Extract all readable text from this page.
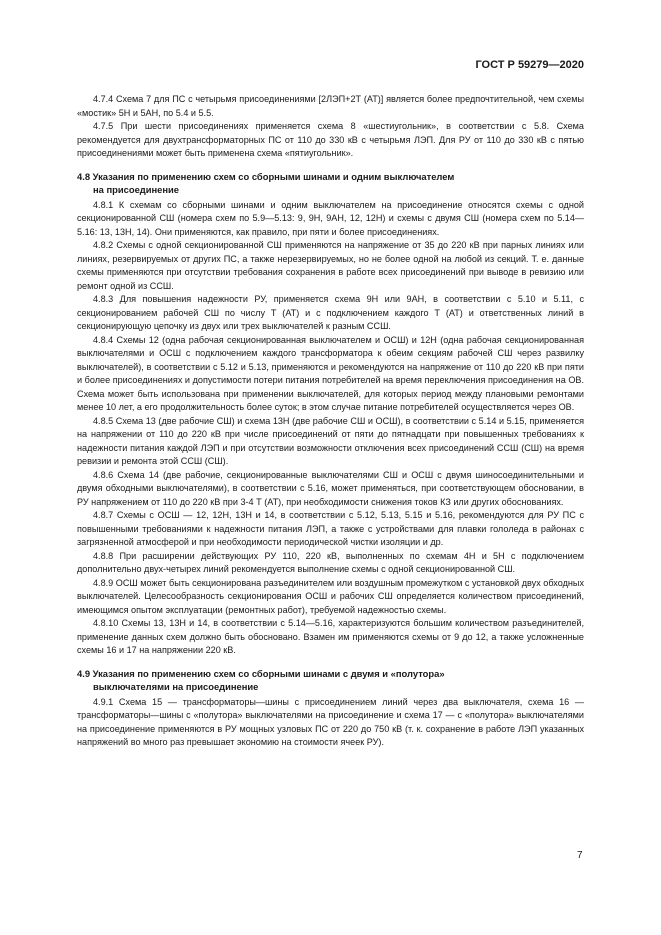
ГОСТ Р 59279—2020

4.7.4 Схема 7 для ПС с четырьмя присоединениями [2ЛЭП+2Т (АТ)] является более предпочтительной, чем схемы «мостик» 5Н и 5АН, по 5.4 и 5.5.

4.7.5 При шести присоединениях применяется схема 8 «шестиугольник», в соответствии с 5.8. Схема рекомендуется для двухтрансформаторных ПС от 110 до 330 кВ с четырьмя ЛЭП. Для РУ от 110 до 330 кВ с пятью присоединениями может быть применена схема «пятиугольник».

4.8 Указания по применению схем со сборными шинами и одним выключателем
на присоединение

4.8.1 К схемам со сборными шинами и одним выключателем на присоединение относятся схемы с одной секционированной СШ (номера схем по 5.9—5.13: 9, 9Н, 9АН, 12, 12Н) и схемы с двумя СШ (номера схем по 5.14—5.16: 13, 13Н, 14). Они применяются, как правило, при пяти и более присоединениях.

4.8.2 Схемы с одной секционированной СШ применяются на напряжение от 35 до 220 кВ при парных линиях или линиях, резервируемых от других ПС, а также нерезервируемых, но не более одной на любой из секций. Т. е. данные схемы применяются при отсутствии требования сохранения в работе всех присоединений при выводе в ревизию или ремонт одной из ССШ.

4.8.3 Для повышения надежности РУ, применяется схема 9Н или 9АН, в соответствии с 5.10 и 5.11, с секционированием рабочей СШ по числу Т (АТ) и с подключением каждого Т (АТ) и ответственных линий в секционирующую цепочку из двух или трех выключателей к разным ССШ.

4.8.4 Схемы 12 (одна рабочая секционированная выключателем и ОСШ) и 12Н (одна рабочая секционированная выключателями и ОСШ с подключением каждого трансформатора к обеим секциям рабочей СШ через развилку выключателей), в соответствии с 5.12 и 5.13, применяются и рекомендуются на напряжение от 110 до 220 кВ при пяти и более присоединениях и допустимости потери питания потребителей на время переключения присоединения на ОВ. Схема может быть использована при применении выключателей, для которых период между плановыми ремонтами менее 10 лет, а его продолжительность более суток; в этом случае питание потребителей осуществляется через ОВ.

4.8.5 Схема 13 (две рабочие СШ) и схема 13Н (две рабочие СШ и ОСШ), в соответствии с 5.14 и 5.15, применяется на напряжении от 110 до 220 кВ при числе присоединений от пяти до пятнадцати при повышенных требованиях к надежности питания каждой ЛЭП и при отсутствии возможности отключения всех присоединений ССШ (СШ) на время ревизии и ремонта этой ССШ (СШ).

4.8.6 Схема 14 (две рабочие, секционированные выключателями СШ и ОСШ с двумя шиносоединительными и двумя обходными выключателями), в соответствии с 5.16, может применяться, при соответствующем обосновании, в РУ напряжением от 110 до 220 кВ при 3-4 Т (АТ), при необходимости снижения токов КЗ или других обоснованиях.

4.8.7 Схемы с ОСШ — 12, 12Н, 13Н и 14, в соответствии с 5.12, 5.13, 5.15 и 5.16, рекомендуются для РУ ПС с повышенными требованиями к надежности питания ЛЭП, а также с устройствами для плавки гололеда в районах с загрязненной атмосферой и при необходимости периодической чистки изоляции и др.

4.8.8 При расширении действующих РУ 110, 220 кВ, выполненных по схемам 4Н и 5Н с подключением дополнительно двух-четырех линий рекомендуется выполнение схемы с одной секционированной СШ.

4.8.9 ОСШ может быть секционирована разъединителем или воздушным промежутком с установкой двух обходных выключателей. Целесообразность секционирования ОСШ и рабочих СШ определяется количеством присоединений, имеющимся опытом эксплуатации (ремонтных работ), требуемой надежностью схемы.

4.8.10 Схемы 13, 13Н и 14, в соответствии с 5.14—5.16, характеризуются большим количеством разъединителей, применение данных схем должно быть обосновано. Взамен им применяются схемы от 9 до 12, а также усложненные схемы 16 и 17 на напряжении 220 кВ.

4.9 Указания по применению схем со сборными шинами с двумя и «полутора»
выключателями на присоединение

4.9.1 Схема 15 — трансформаторы—шины с присоединением линий через два выключателя, схема 16 — трансформаторы—шины с «полутора» выключателями на присоединение и схема 17 — с «полутора» выключателями на присоединение применяются в РУ мощных узловых ПС от 220 до 750 кВ (т. к. сохранение в работе ЛЭП указанных напряжений во много раз превышает экономию на стоимости ячеек РУ).

7
